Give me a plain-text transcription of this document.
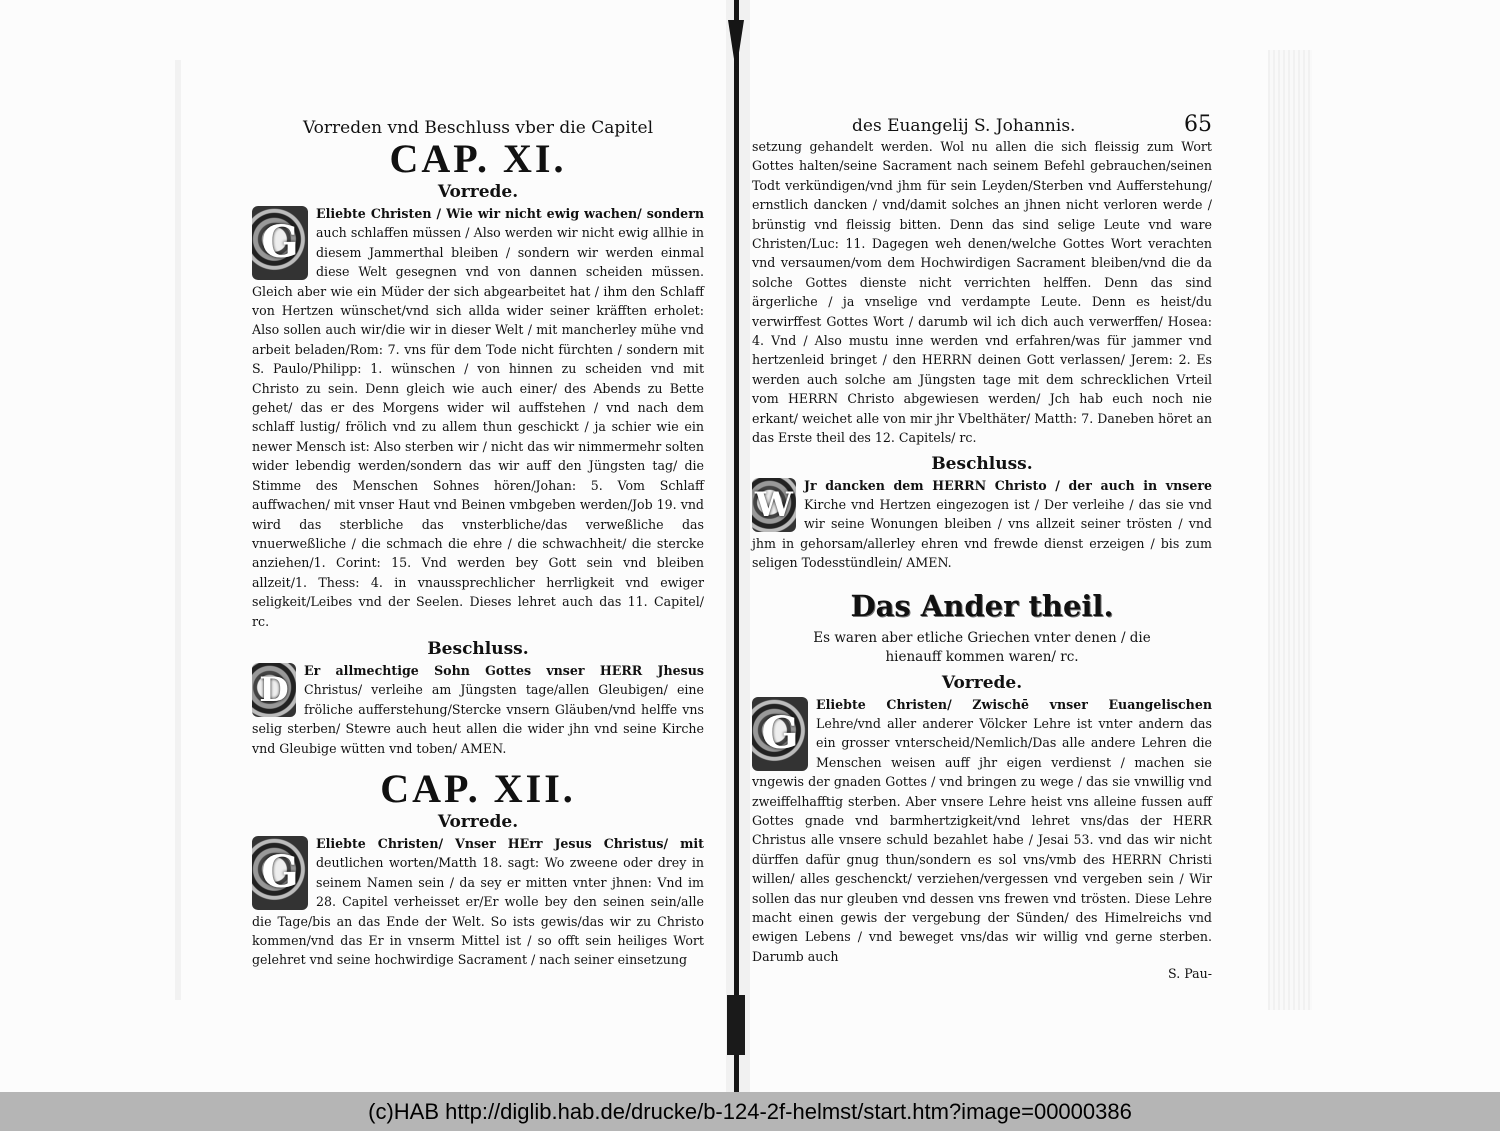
Vorreden vnd Beschluss vber die Capitel

CAP. XI.

Vorrede.

G
Eliebte Christen / Wie wir nicht ewig wachen/ sondern auch schlaffen müssen / Also werden wir nicht ewig allhie in diesem Jammerthal bleiben / sondern wir werden einmal diese Welt gesegnen vnd von dannen scheiden müssen. Gleich aber wie ein Müder der sich abgearbeitet hat / ihm den Schlaff von Hertzen wünschet/vnd sich allda wider seiner kräfften erholet: Also sollen auch wir/die wir in dieser Welt / mit mancherley mühe vnd arbeit beladen/Rom: 7. vns für dem Tode nicht fürchten / sondern mit S. Paulo/Philipp: 1. wünschen / von hinnen zu scheiden vnd mit Christo zu sein. Denn gleich wie auch einer/ des Abends zu Bette gehet/ das er des Morgens wider wil auffstehen / vnd nach dem schlaff lustig/ frölich vnd zu allem thun geschickt / ja schier wie ein newer Mensch ist: Also sterben wir / nicht das wir nimmermehr solten wider lebendig werden/sondern das wir auff den Jüngsten tag/ die Stimme des Menschen Sohnes hören/Johan: 5. Vom Schlaff auffwachen/ mit vnser Haut vnd Beinen vmbgeben werden/Job 19. vnd wird das sterbliche das vnsterbliche/das verweßliche das vnuerweßliche / die schmach die ehre / die schwachheit/ die stercke anziehen/1. Corint: 15. Vnd werden bey Gott sein vnd bleiben allzeit/1. Thess: 4. in vnaussprechlicher herrligkeit vnd ewiger seligkeit/Leibes vnd der Seelen. Dieses lehret auch das 11. Capitel/ rc.

Beschluss.

D	Er allmechtige Sohn Gottes vnser HERR Jhesus Christus/ verleihe am Jüngsten tage/allen Gleubigen/ eine fröliche aufferstehung/Stercke vnsern Gläuben/vnd helffe vns selig sterben/ Stewre auch heut allen die wider jhn vnd seine Kirche vnd Gleubige wütten vnd toben/ AMEN.

CAP. XII.

Vorrede.

G
Eliebte Christen/ Vnser HErr Jesus Christus/ mit deutlichen worten/Matth 18. sagt: Wo zweene oder drey in seinem Namen sein / da sey er mitten vnter jhnen: Vnd im 28. Capitel verheisset er/Er wolle bey den seinen sein/alle die Tage/bis an das Ende der Welt. So ists gewis/das wir zu Christo kommen/vnd das Er in vnserm Mittel ist / so offt sein heiliges Wort gelehret vnd seine hochwirdige Sacrament / nach seiner einsetzung

des Euangelij S. Johannis.	65

setzung gehandelt werden. Wol nu allen die sich fleissig zum Wort Gottes halten/seine Sacrament nach seinem Befehl gebrauchen/seinen Todt verkündigen/vnd jhm für sein Leyden/Sterben vnd Aufferstehung/ ernstlich dancken / vnd/damit solches an jhnen nicht verloren werde / brünstig vnd fleissig bitten. Denn das sind selige Leute vnd ware Christen/Luc: 11. Dagegen weh denen/welche Gottes Wort verachten vnd versaumen/vom dem Hochwirdigen Sacrament bleiben/vnd die da solche Gottes dienste nicht verrichten helffen. Denn das sind ärgerliche / ja vnselige vnd verdampte Leute. Denn es heist/du verwirffest Gottes Wort / darumb wil ich dich auch verwerffen/ Hosea: 4. Vnd / Also mustu inne werden vnd erfahren/was für jammer vnd hertzenleid bringet / den HERRN deinen Gott verlassen/ Jerem: 2. Es werden auch solche am Jüngsten tage mit dem schrecklichen Vrteil vom HERRN Christo abgewiesen werden/ Jch hab euch noch nie erkant/ weichet alle von mir jhr Vbelthäter/ Matth: 7. Daneben höret an das Erste theil des 12. Capitels/ rc.

Beschluss.

W Jr dancken dem HERRN Christo / der auch in vnsere Kirche vnd Hertzen eingezogen ist / Der verleihe / das sie vnd wir seine Wonungen bleiben / vns allzeit seiner trösten / vnd jhm in gehorsam/allerley ehren vnd frewde dienst erzeigen / bis zum seligen Todesstündlein/ AMEN.

Das Ander theil.

Es waren aber etliche Griechen vnter denen / die hienauff kommen waren/ rc.

Vorrede.

G
Eliebte Christen/ Zwischē vnser Euangelischen Lehre/vnd aller anderer Völcker Lehre ist vnter andern das ein grosser vnterscheid/Nemlich/Das alle andere Lehren die Menschen weisen auff jhr eigen verdienst / machen sie vngewis der gnaden Gottes / vnd bringen zu wege / das sie vnwillig vnd zweiffelhafftig sterben. Aber vnsere Lehre heist vns alleine fussen auff Gottes gnade vnd barmhertzigkeit/vnd lehret vns/das der HERR Christus alle vnsere schuld bezahlet habe / Jesai 53. vnd das wir nicht dürffen dafür gnug thun/sondern es sol vns/vmb des HERRN Christi willen/ alles geschenckt/ verziehen/vergessen vnd vergeben sein / Wir sollen das nur gleuben vnd dessen vns frewen vnd trösten. Diese Lehre macht einen gewis der vergebung der Sünden/ des Himelreichs vnd ewigen Lebens / vnd beweget vns/das wir willig vnd gerne sterben. Darumb auch

S. Pau-

(c)HAB http://diglib.hab.de/drucke/b-124-2f-helmst/start.htm?image=00000386
